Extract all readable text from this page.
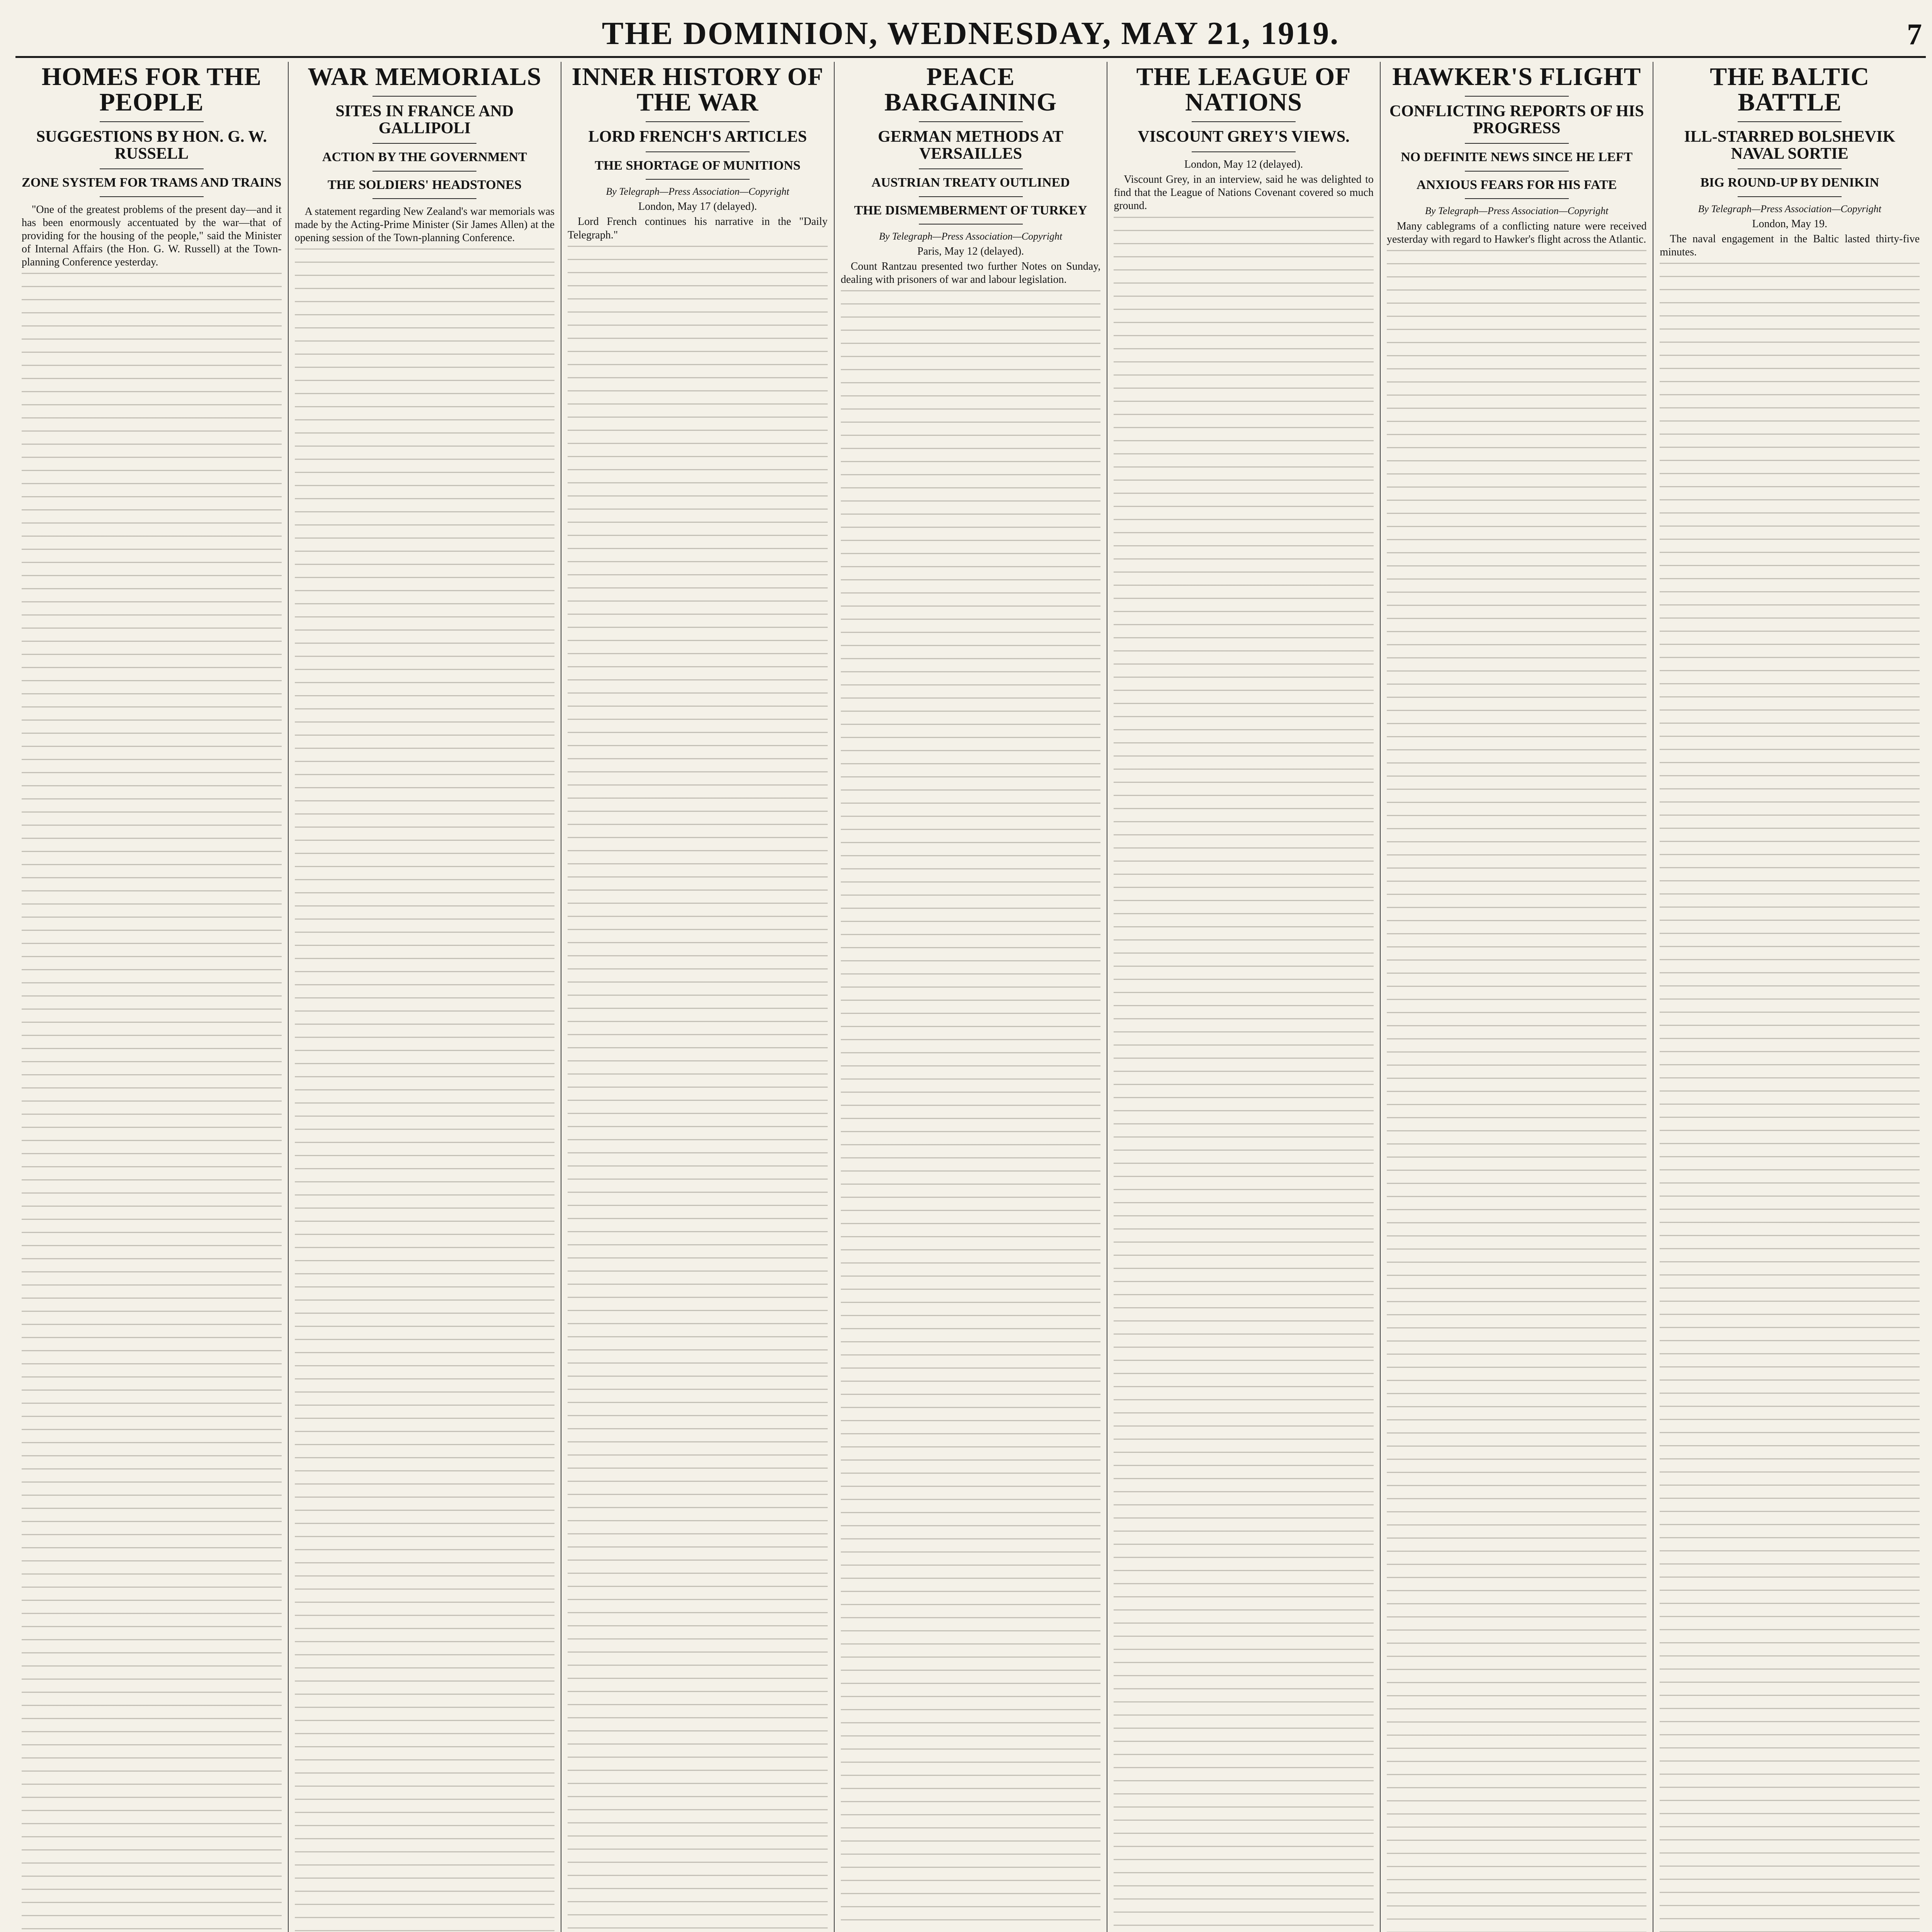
THE DOMINION, WEDNESDAY, MAY 21, 1919.	7
HOMES FOR THE PEOPLE
SUGGESTIONS BY HON. G. W. RUSSELL
ZONE SYSTEM FOR TRAMS AND TRAINS

"One of the greatest problems of the present day—and it has been enormously accentuated by the war—that of providing for the housing of the people," said the Minister of Internal Affairs (the Hon. G. W. Russell) at the Town-planning Conference yesterday.

WAR MEMORIALS
SITES IN FRANCE AND GALLIPOLI
ACTION BY THE GOVERNMENT
THE SOLDIERS' HEADSTONES

A statement regarding New Zealand's war memorials was made by the Acting-Prime Minister (Sir James Allen) at the opening session of the Town-planning Conference.

INNER HISTORY OF THE WAR
LORD FRENCH'S ARTICLES
THE SHORTAGE OF MUNITIONS
By Telegraph—Press Association—Copyright
London, May 17 (delayed).

Lord French continues his narrative in the "Daily Telegraph."

PEACE BARGAINING
GERMAN METHODS AT VERSAILLES
AUSTRIAN TREATY OUTLINED
THE DISMEMBERMENT OF TURKEY
By Telegraph—Press Association—Copyright
Paris, May 12 (delayed).

Count Rantzau presented two further Notes on Sunday, dealing with prisoners of war and labour legislation.

THE LEAGUE OF NATIONS
VISCOUNT GREY'S VIEWS.
London, May 12 (delayed).

Viscount Grey, in an interview, said he was delighted to find that the League of Nations Covenant covered so much ground.

HAWKER'S FLIGHT
CONFLICTING REPORTS OF HIS PROGRESS
NO DEFINITE NEWS SINCE HE LEFT
ANXIOUS FEARS FOR HIS FATE
By Telegraph—Press Association—Copyright

Many cablegrams of a conflicting nature were received yesterday with regard to Hawker's flight across the Atlantic.

THE BALTIC BATTLE
ILL-STARRED BOLSHEVIK NAVAL SORTIE
BIG ROUND-UP BY DENIKIN
By Telegraph—Press Association—Copyright
London, May 19.

The naval engagement in the Baltic lasted thirty-five minutes.
